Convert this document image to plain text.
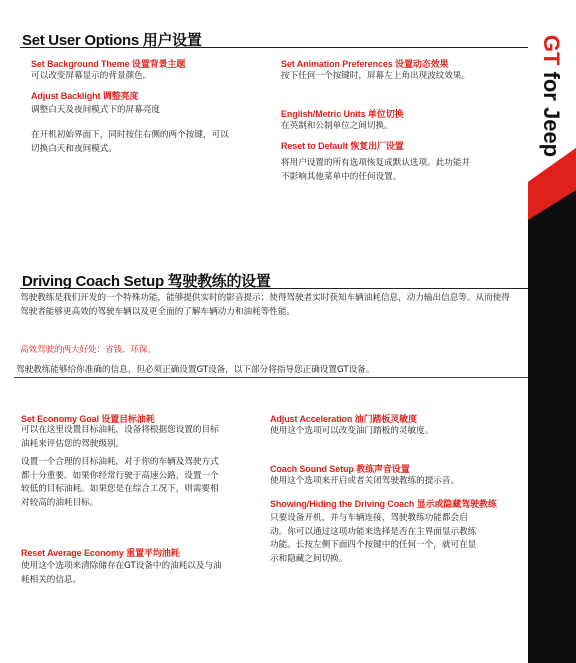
GT for Jeep
Set User Options 用户设置
Set Background Theme 设置背景主题
可以改变屏幕显示的背景颜色。
Adjust Backlight 调整亮度
调整白天及夜间模式下的屏幕亮度
在开机初始界面下，同时按住右侧的两个按键，可以切换白天和夜间模式。
Set Animation Preferences 设置动态效果
按下任何一个按键时，屏幕左上角出现波纹效果。
English/Metric Units 单位切换
在英制和公制单位之间切换。
Reset to Default 恢复出厂设置
将用户设置的所有选项恢复成默认选项。此功能并不影响其他菜单中的任何设置。
Driving Coach Setup 驾驶教练的设置
驾驶教练是我们开发的一个特殊功能，能够提供实时的影音提示；使得驾驶者实时获知车辆油耗信息，动力输出信息等。从而使得驾驶者能够更高效的驾驶车辆以及更全面的了解车辆动力和油耗等性能。
高效驾驶的两大好处：省钱、环保。
驾驶教练能够给你准确的信息，但必须正确设置GT设备，以下部分将指导您正确设置GT设备。
Set Economy Goal 设置目标油耗
可以在这里设置目标油耗，设备将根据您设置的目标油耗来评估您的驾驶级别。
设置一个合理的目标油耗，对于你的车辆及驾驶方式都十分重要。如果你经常行驶于高速公路，设置一个较低的目标油耗。如果您是在综合工况下，则需要相对较高的油耗目标。
Reset Average Economy 重置平均油耗
使用这个选项来清除储存在GT设备中的油耗以及与油耗相关的信息。
Adjust Acceleration 油门踏板灵敏度
使用这个选项可以改变油门踏板的灵敏度。
Coach Sound Setup 教练声音设置
使用这个选项来开启或者关闭驾驶教练的提示音。
Showing/Hiding the Driving Coach 显示或隐藏驾驶教练
只要设备开机，并与车辆连接，驾驶教练功能都会启动。你可以通过这项功能来选择是否在主界面显示教练功能。长按左侧下面四个按键中的任何一个，就可在显示和隐藏之间切换。
